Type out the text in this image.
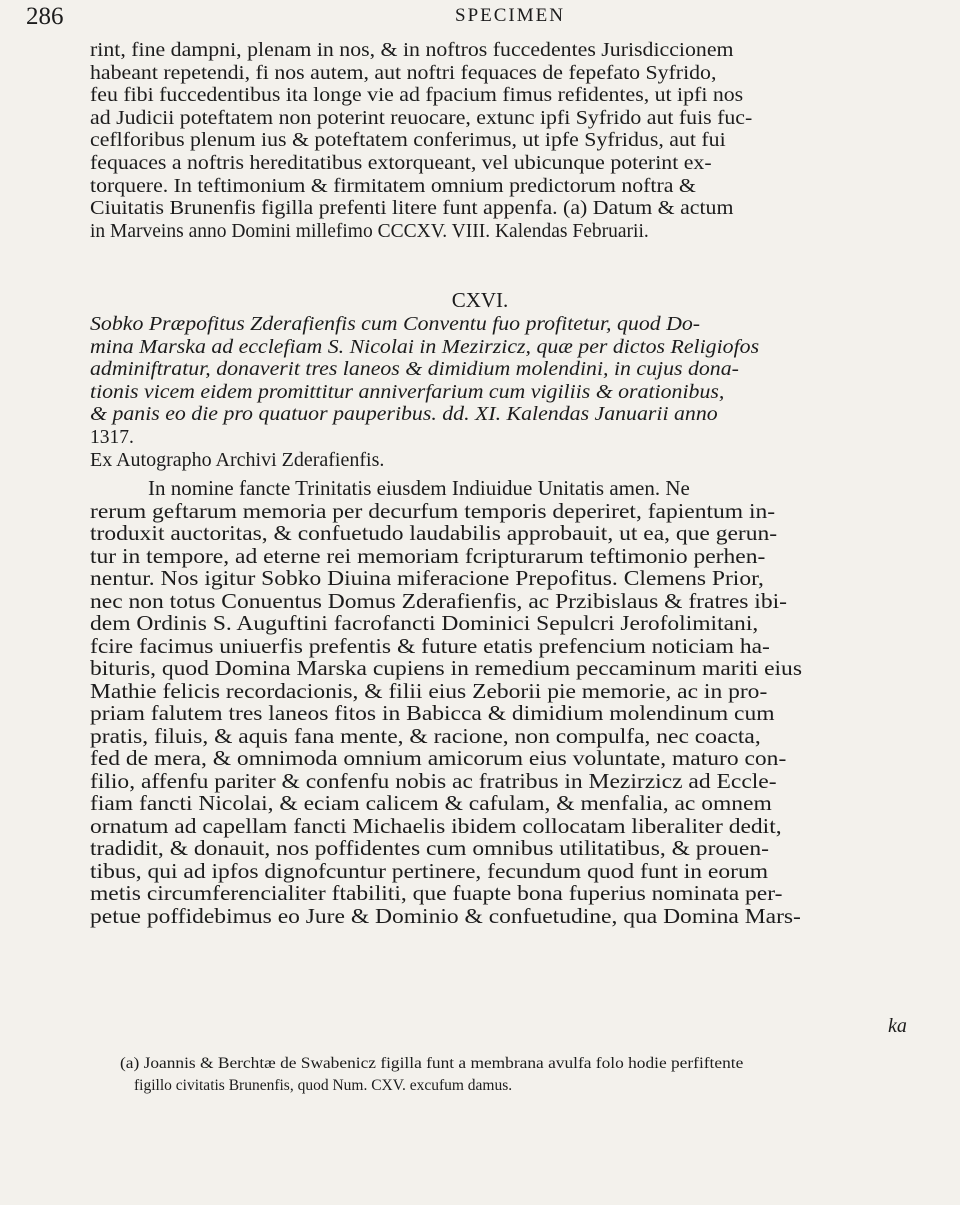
286	SPECIMEN
rint, fine dampni, plenam in nos, & in noftros fuccedentes Jurisdiccionem
habeant repetendi, fi nos autem, aut noftri fequaces de fepefato Syfrido,
feu fibi fuccedentibus ita longe vie ad fpacium fimus refidentes, ut ipfi nos
ad Judicii poteftatem non poterint reuocare, extunc ipfi Syfrido aut fuis fuc-
ceflforibus plenum ius & poteftatem conferimus, ut ipfe Syfridus, aut fui
fequaces a noftris hereditatibus extorqueant, vel ubicunque poterint ex-
torquere. In teftimonium & firmitatem omnium predictorum noftra &
Ciuitatis Brunenfis figilla prefenti litere funt appenfa. (a) Datum & actum
in Marveins anno Domini millefimo CCCXV. VIII. Kalendas Februarii.
CXVI.
Sobko Præpofitus Zderafienfis cum Conventu fuo profitetur, quod Do-
mina Marska ad ecclefiam S. Nicolai in Mezirzicz, quæ per dictos Religiofos
adminiftratur, donaverit tres laneos & dimidium molendini, in cujus dona-
tionis vicem eidem promittitur anniverfarium cum vigiliis & orationibus,
& panis eo die pro quatuor pauperibus. dd. XI. Kalendas Januarii anno
1317.
Ex Autographo Archivi Zderafienfis.
In nomine fancte Trinitatis eiusdem Indiuidue Unitatis amen. Ne
rerum geftarum memoria per decurfum temporis deperiret, fapientum in-
troduxit auctoritas, & confuetudo laudabilis approbauit, ut ea, que gerun-
tur in tempore, ad eterne rei memoriam fcripturarum teftimonio perhen-
nentur. Nos igitur Sobko Diuina miferacione Prepofitus. Clemens Prior,
nec non totus Conuentus Domus Zderafienfis, ac Przibislaus & fratres ibi-
dem Ordinis S. Auguftini facrofancti Dominici Sepulcri Jerofolimitani,
fcire facimus uniuerfis prefentis & future etatis prefencium noticiam ha-
bituris, quod Domina Marska cupiens in remedium peccaminum mariti eius
Mathie felicis recordacionis, & filii eius Zeborii pie memorie, ac in pro-
priam falutem tres laneos fitos in Babicca & dimidium molendinum cum
pratis, filuis, & aquis fana mente, & racione, non compulfa, nec coacta,
fed de mera, & omnimoda omnium amicorum eius voluntate, maturo con-
filio, affenfu pariter & confenfu nobis ac fratribus in Mezirzicz ad Eccle-
fiam fancti Nicolai, & eciam calicem & cafulam, & menfalia, ac omnem
ornatum ad capellam fancti Michaelis ibidem collocatam liberaliter dedit,
tradidit, & donauit, nos poffidentes cum omnibus utilitatibus, & prouen-
tibus, qui ad ipfos dignofcuntur pertinere, fecundum quod funt in eorum
metis circumferencialiter ftabiliti, que fuapte bona fuperius nominata per-
petue poffidebimus eo Jure & Dominio & confuetudine, qua Domina Mars-
ka
(a) Joannis & Berchtæ de Swabenicz figilla funt a membrana avulfa folo hodie perfiftente
figillo civitatis Brunenfis, quod Num. CXV. excufum damus.
